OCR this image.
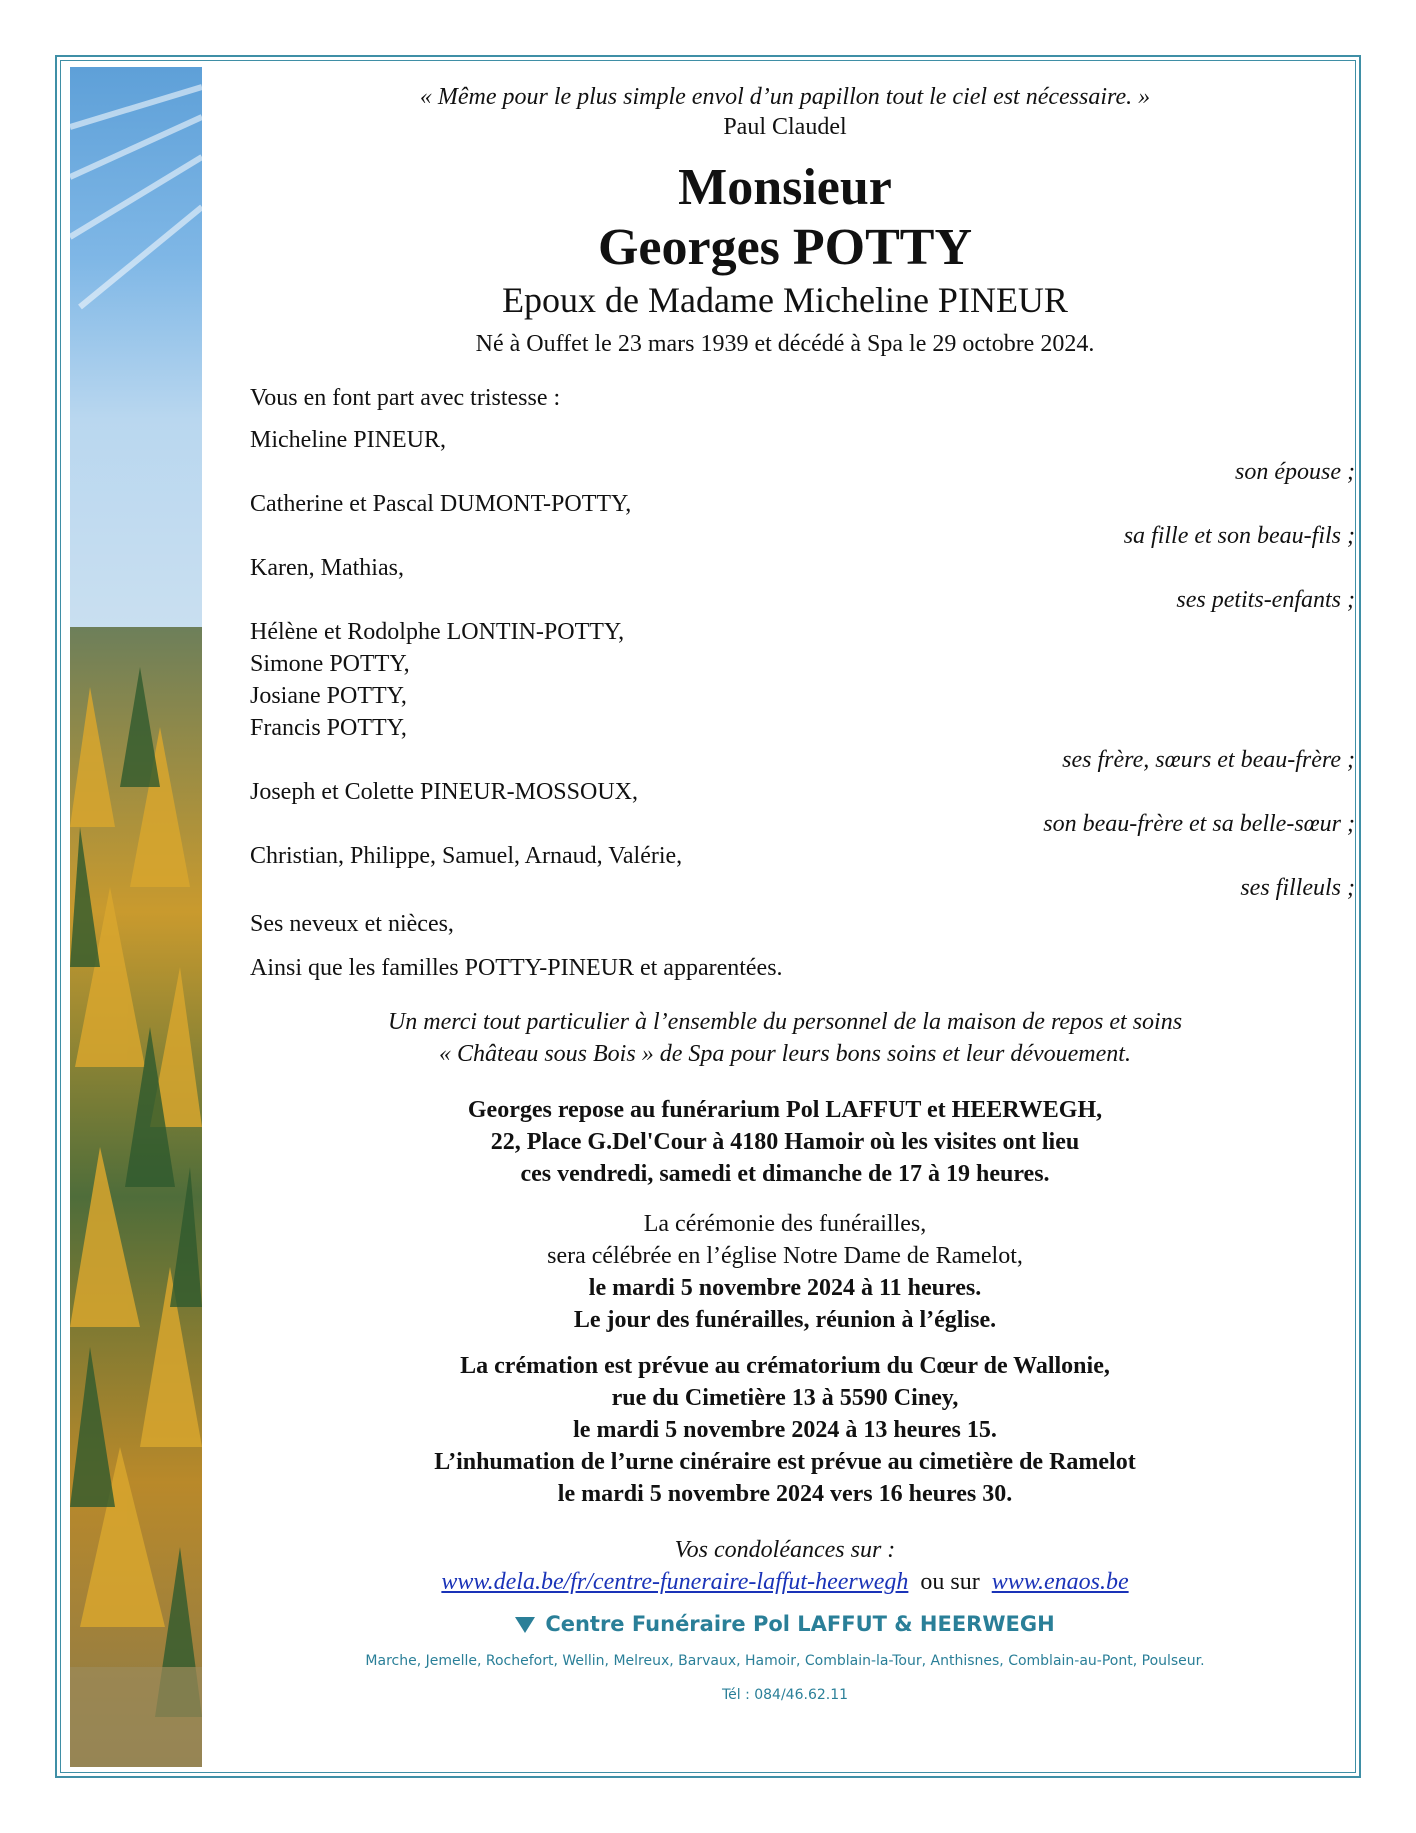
« Même pour le plus simple envol d’un papillon tout le ciel est nécessaire. »

Paul Claudel

Monsieur

Georges POTTY

Epoux de Madame Micheline PINEUR

Né à Ouffet le 23 mars 1939 et décédé à Spa le 29 octobre 2024.

Vous en font part avec tristesse :

Micheline PINEUR,
son épouse ;
Catherine et Pascal DUMONT-POTTY,
sa fille et son beau-fils ;
Karen, Mathias,
ses petits-enfants ;
Hélène et Rodolphe LONTIN-POTTY,
Simone POTTY,
Josiane POTTY,
Francis POTTY,
ses frère, sœurs et beau-frère ;
Joseph et Colette PINEUR-MOSSOUX,
son beau-frère et sa belle-sœur ;
Christian, Philippe, Samuel, Arnaud, Valérie,
ses filleuls ;
Ses neveux et nièces,
Ainsi que les familles POTTY-PINEUR et apparentées.

Un merci tout particulier à l’ensemble du personnel de la maison de repos et soins
« Château sous Bois » de Spa pour leurs bons soins et leur dévouement.

Georges repose au funérarium Pol LAFFUT et HEERWEGH,
22, Place G.Del'Cour à 4180 Hamoir où les visites ont lieu
ces vendredi, samedi et dimanche de 17 à 19 heures.

La cérémonie des funérailles,
sera célébrée en l’église Notre Dame de Ramelot,
le mardi 5 novembre 2024 à 11 heures.
Le jour des funérailles, réunion à l’église.

La crémation est prévue au crématorium du Cœur de Wallonie,
rue du Cimetière 13 à 5590 Ciney,
le mardi 5 novembre 2024 à 13 heures 15.
L’inhumation de l’urne cinéraire est prévue au cimetière de Ramelot
le mardi 5 novembre 2024 vers 16 heures 30.

Vos condoléances sur :

www.dela.be/fr/centre-funeraire-laffut-heerwegh ou sur www.enaos.be

Centre Funéraire Pol LAFFUT & HEERWEGH

Marche, Jemelle, Rochefort, Wellin, Melreux, Barvaux, Hamoir, Comblain-la-Tour, Anthisnes, Comblain-au-Pont, Poulseur.

Tél : 084/46.62.11
